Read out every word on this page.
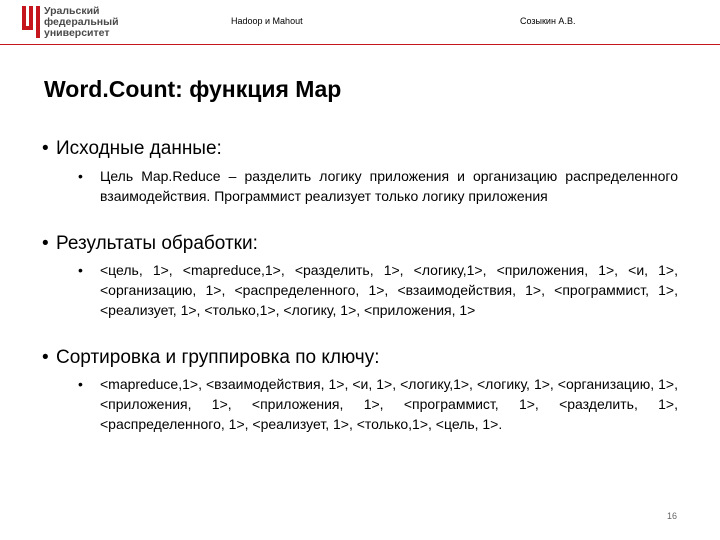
Уральский
федеральный
университет
Hadoop и Mahout	Созыкин А.В.
Word.Count: функция Map
• Исходные данные:
• Цель Map.Reduce – разделить логику приложения и организацию распределенного взаимодействия. Программист реализует только логику приложения
• Результаты обработки:
• <цель, 1>, <mapreduce,1>, <разделить, 1>, <логику,1>, <приложения, 1>, <и, 1>, <организацию, 1>, <распределенного, 1>, <взаимодействия, 1>, <программист, 1>, <реализует, 1>, <только,1>, <логику, 1>, <приложения, 1>
• Сортировка и группировка по ключу:
• <mapreduce,1>, <взаимодействия, 1>, <и, 1>, <логику,1>, <логику, 1>, <организацию, 1>, <приложения, 1>, <приложения, 1>, <программист, 1>, <разделить, 1>, <распределенного, 1>, <реализует, 1>, <только,1>, <цель, 1>.
16
